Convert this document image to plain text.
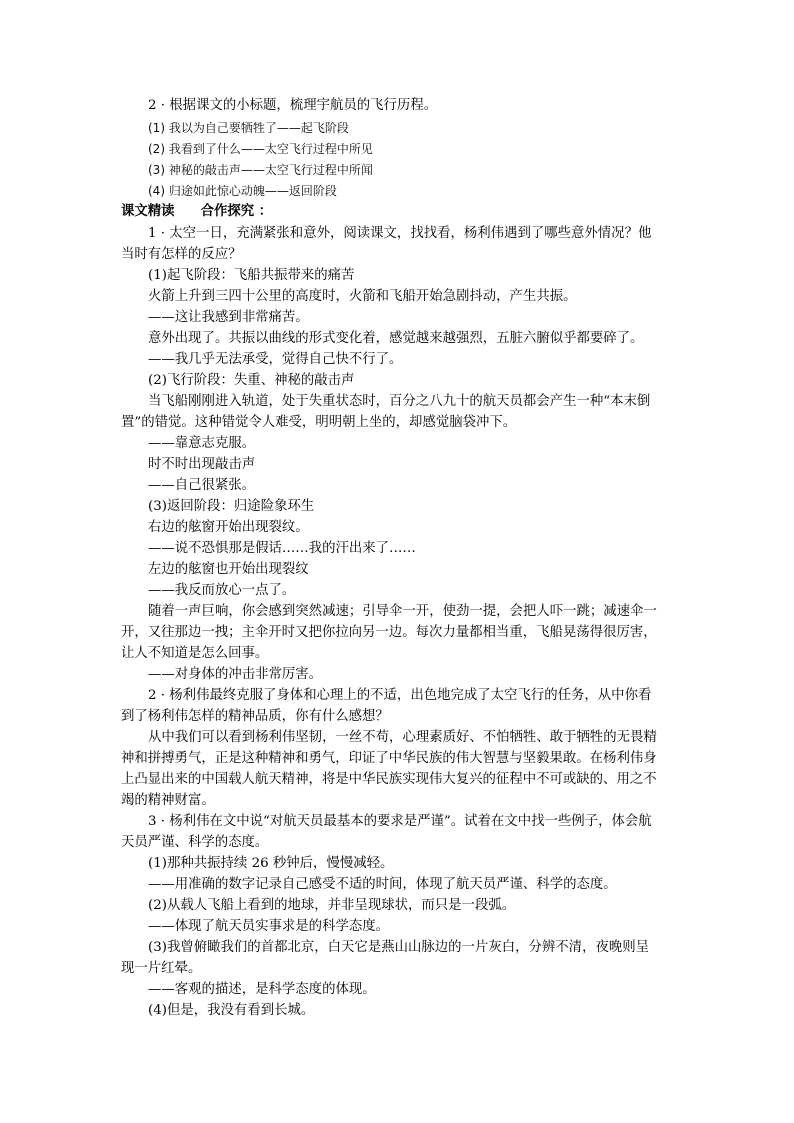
2 · 根据课文的小标题，梳理宇航员的飞行历程。
(1) 我以为自己要牺牲了——起飞阶段
(2) 我看到了什么——太空飞行过程中所见
(3) 神秘的敲击声——太空飞行过程中所闻
(4) 归途如此惊心动魄——返回阶段
课文精读 合作探究 ：
1 · 太空一日，充满紧张和意外，阅读课文，找找看，杨利伟遇到了哪些意外情况？他
当时有怎样的反应？
(1)起飞阶段：飞船共振带来的痛苦
火箭上升到三四十公里的高度时，火箭和飞船开始急剧抖动，产生共振。
——这让我感到非常痛苦。
意外出现了。共振以曲线的形式变化着，感觉越来越强烈，五脏六腑似乎都要碎了。
——我几乎无法承受，觉得自己快不行了。
(2)飞行阶段：失重、神秘的敲击声
当飞船刚刚进入轨道，处于失重状态时，百分之八九十的航天员都会产生一种“本末倒
置”的错觉。这种错觉令人难受，明明朝上坐的，却感觉脑袋冲下。
——靠意志克服。
时不时出现敲击声
——自己很紧张。
(3)返回阶段：归途险象环生
右边的舷窗开始出现裂纹。
——说不恐惧那是假话……我的汗出来了……
左边的舷窗也开始出现裂纹
——我反而放心一点了。
随着一声巨响，你会感到突然减速；引导伞一开，使劲一提，会把人吓一跳；减速伞一
开，又往那边一拽；主伞开时又把你拉向另一边。每次力量都相当重，飞船晃荡得很厉害，
让人不知道是怎么回事。
——对身体的冲击非常厉害。
2 · 杨利伟最终克服了身体和心理上的不适，出色地完成了太空飞行的任务，从中你看
到了杨利伟怎样的精神品质，你有什么感想？
从中我们可以看到杨利伟坚韧，一丝不苟，心理素质好、不怕牺牲、敢于牺牲的无畏精
神和拼搏勇气，正是这种精神和勇气，印证了中华民族的伟大智慧与坚毅果敢。在杨利伟身
上凸显出来的中国载人航天精神，将是中华民族实现伟大复兴的征程中不可或缺的、用之不
竭的精神财富。
3 · 杨利伟在文中说“对航天员最基本的要求是严谨”。试着在文中找一些例子，体会航
天员严谨、科学的态度。
(1)那种共振持续 26 秒钟后，慢慢减轻。
——用准确的数字记录自己感受不适的时间，体现了航天员严谨、科学的态度。
(2)从载人飞船上看到的地球，并非呈现球状，而只是一段弧。
——体现了航天员实事求是的科学态度。
(3)我曾俯瞰我们的首都北京，白天它是燕山山脉边的一片灰白，分辨不清，夜晚则呈
现一片红晕。
——客观的描述，是科学态度的体现。
(4)但是，我没有看到长城。
